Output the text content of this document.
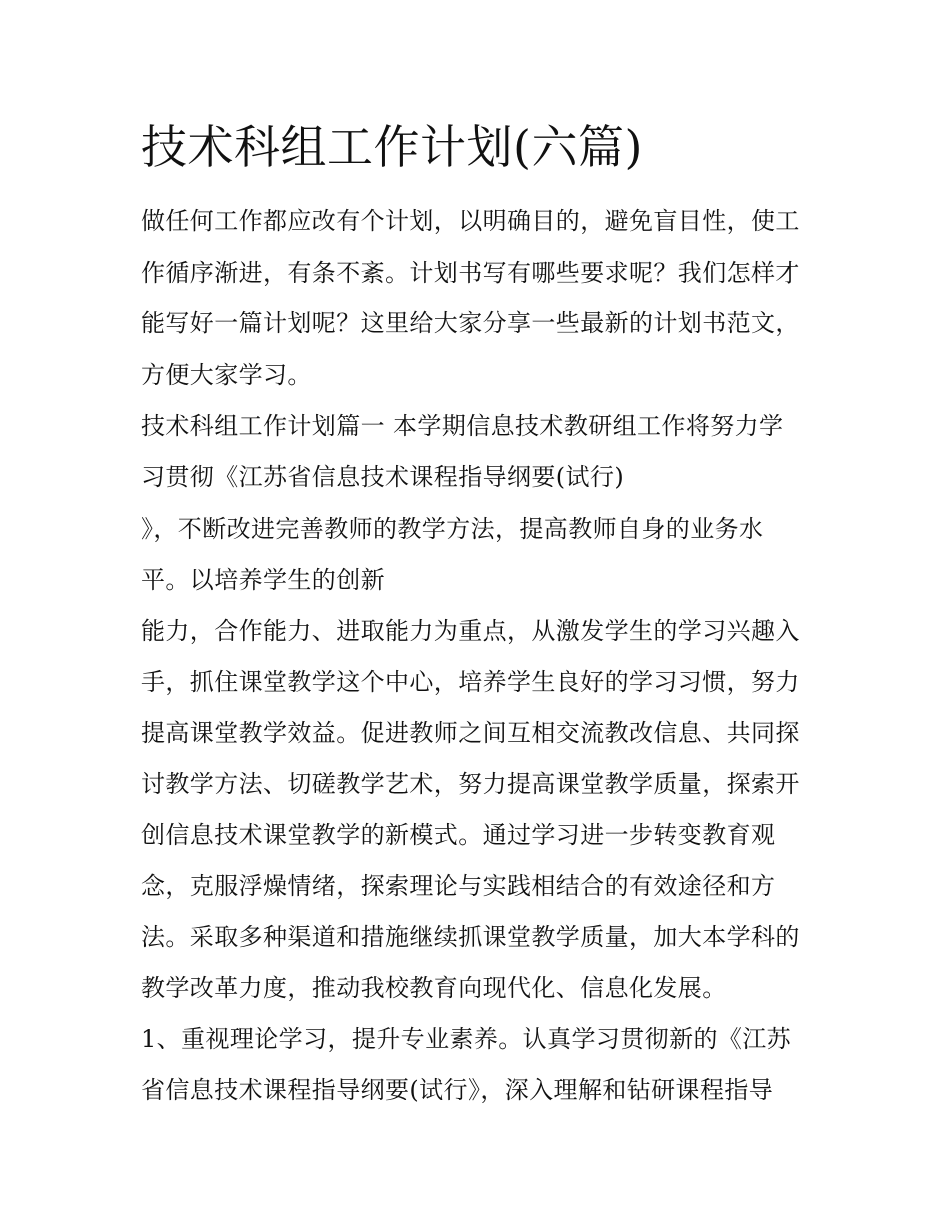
技术科组工作计划(六篇)
做任何工作都应改有个计划，以明确目的，避免盲目性，使工
作循序渐进，有条不紊。计划书写有哪些要求呢？我们怎样才
能写好一篇计划呢？这里给大家分享一些最新的计划书范文，
方便大家学习。
技术科组工作计划篇一 本学期信息技术教研组工作将努力学
习贯彻《江苏省信息技术课程指导纲要(试行)
》，不断改进完善教师的教学方法，提高教师自身的业务水
平。以培养学生的创新
能力，合作能力、进取能力为重点，从激发学生的学习兴趣入
手，抓住课堂教学这个中心，培养学生良好的学习习惯，努力
提高课堂教学效益。促进教师之间互相交流教改信息、共同探
讨教学方法、切磋教学艺术，努力提高课堂教学质量，探索开
创信息技术课堂教学的新模式。通过学习进一步转变教育观
念，克服浮燥情绪，探索理论与实践相结合的有效途径和方
法。采取多种渠道和措施继续抓课堂教学质量，加大本学科的
教学改革力度，推动我校教育向现代化、信息化发展。
1、重视理论学习，提升专业素养。认真学习贯彻新的《江苏
省信息技术课程指导纲要(试行》，深入理解和钻研课程指导
